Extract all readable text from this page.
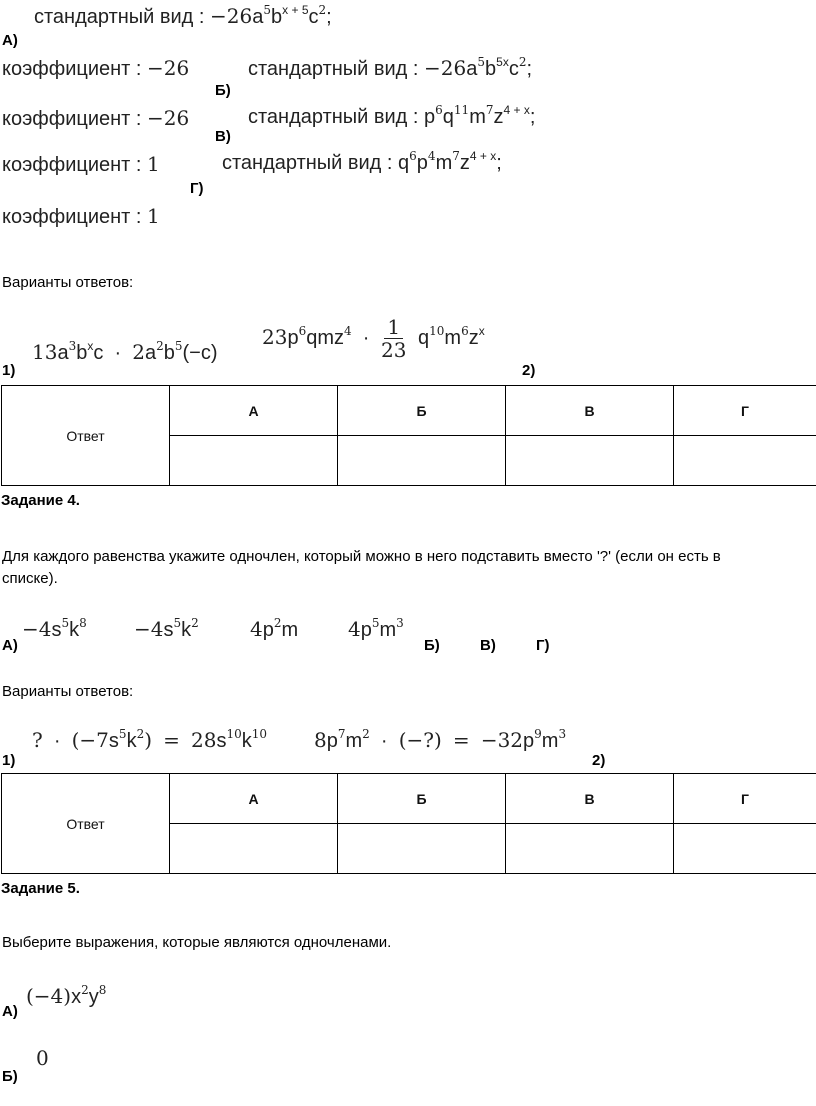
стандартный вид : $-26a^5b^{x + 5}c^2$;
А)
коэффициент : −26	стандартный вид : $-26a^5b^{5x}c^2$;
Б)
коэффициент : −26	стандартный вид : $p^6q^{11}m^7z^{4 + x}$;
В)
коэффициент : 1	стандартный вид : $q^6p^4m^7z^{4 + x}$;
Г)
коэффициент : 1
Варианты ответов:
$13a^3b^xc \cdot 2a^2b^5(-c)$
$23p^6qmz^4 \cdot \frac{1}{23} q^{10}m^6z^x$
1)	2)
Ответ	А	Б	В	Г

Задание 4.
Для каждого равенства укажите одночлен, который можно в него подставить вместо '?' (если он есть в
списке).
$-4s^5k^8 -4s^5k^2$	$4p^2m$ $4p^5m^3$
А)	Б)	В)	Г)
Варианты ответов:
?  ·  $(-7s^5k^2) = 28s^{10}k^{10}$ $8p^7m^2$  ·  (−?) = $-32p^9m^3$
1)	2)
Ответ	А	Б	В	Г

Задание 5.
Выберите выражения, которые являются одночленами.
$(-4)x^2y^8$
А)
0
Б)
